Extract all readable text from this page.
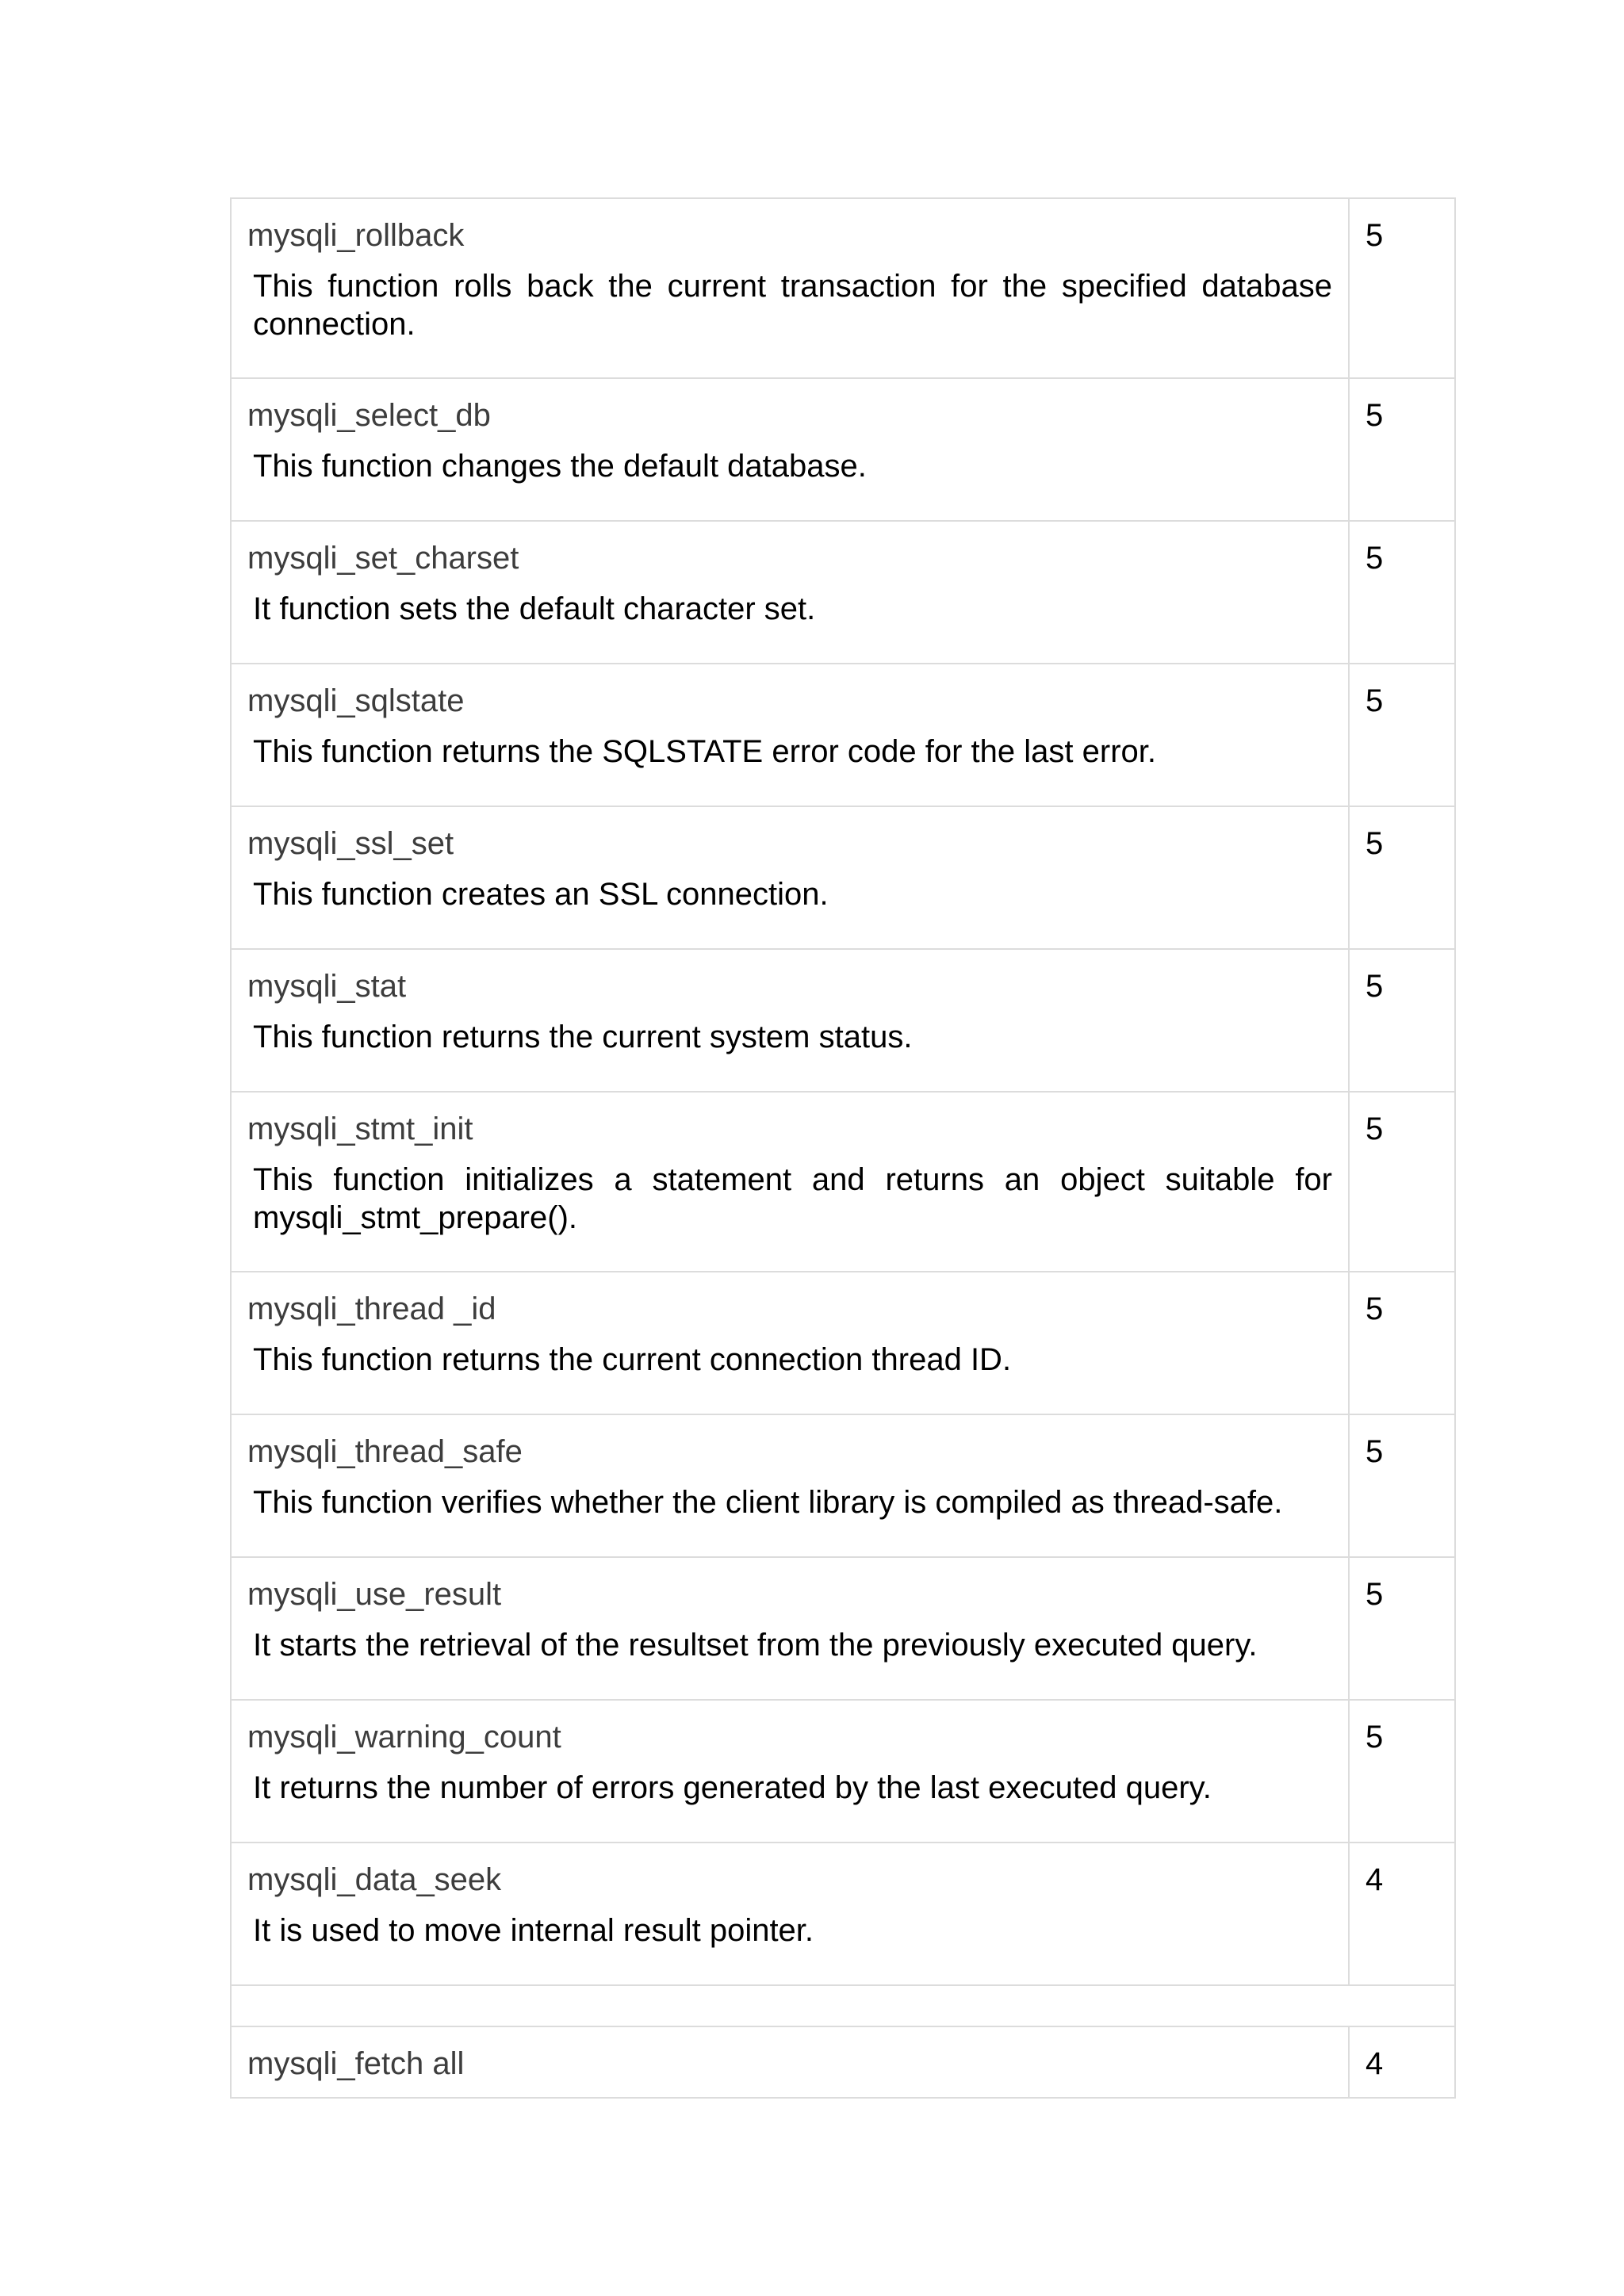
mysqli_rollback
This function rolls back the current transaction for the specified database connection.	5

mysqli_select_db
This function changes the default database.	5

mysqli_set_charset
It function sets the default character set.	5

mysqli_sqlstate
This function returns the SQLSTATE error code for the last error.	5

mysqli_ssl_set
This function creates an SSL connection.	5

mysqli_stat
This function returns the current system status.	5

mysqli_stmt_init
This function initializes a statement and returns an object suitable for mysqli_stmt_prepare().	5

mysqli_thread _id
This function returns the current connection thread ID.	5

mysqli_thread_safe
This function verifies whether the client library is compiled as thread-safe.	5

mysqli_use_result
It starts the retrieval of the resultset from the previously executed query.	5

mysqli_warning_count
It returns the number of errors generated by the last executed query.	5

mysqli_data_seek
It is used to move internal result pointer.	4

mysqli_fetch all	4
